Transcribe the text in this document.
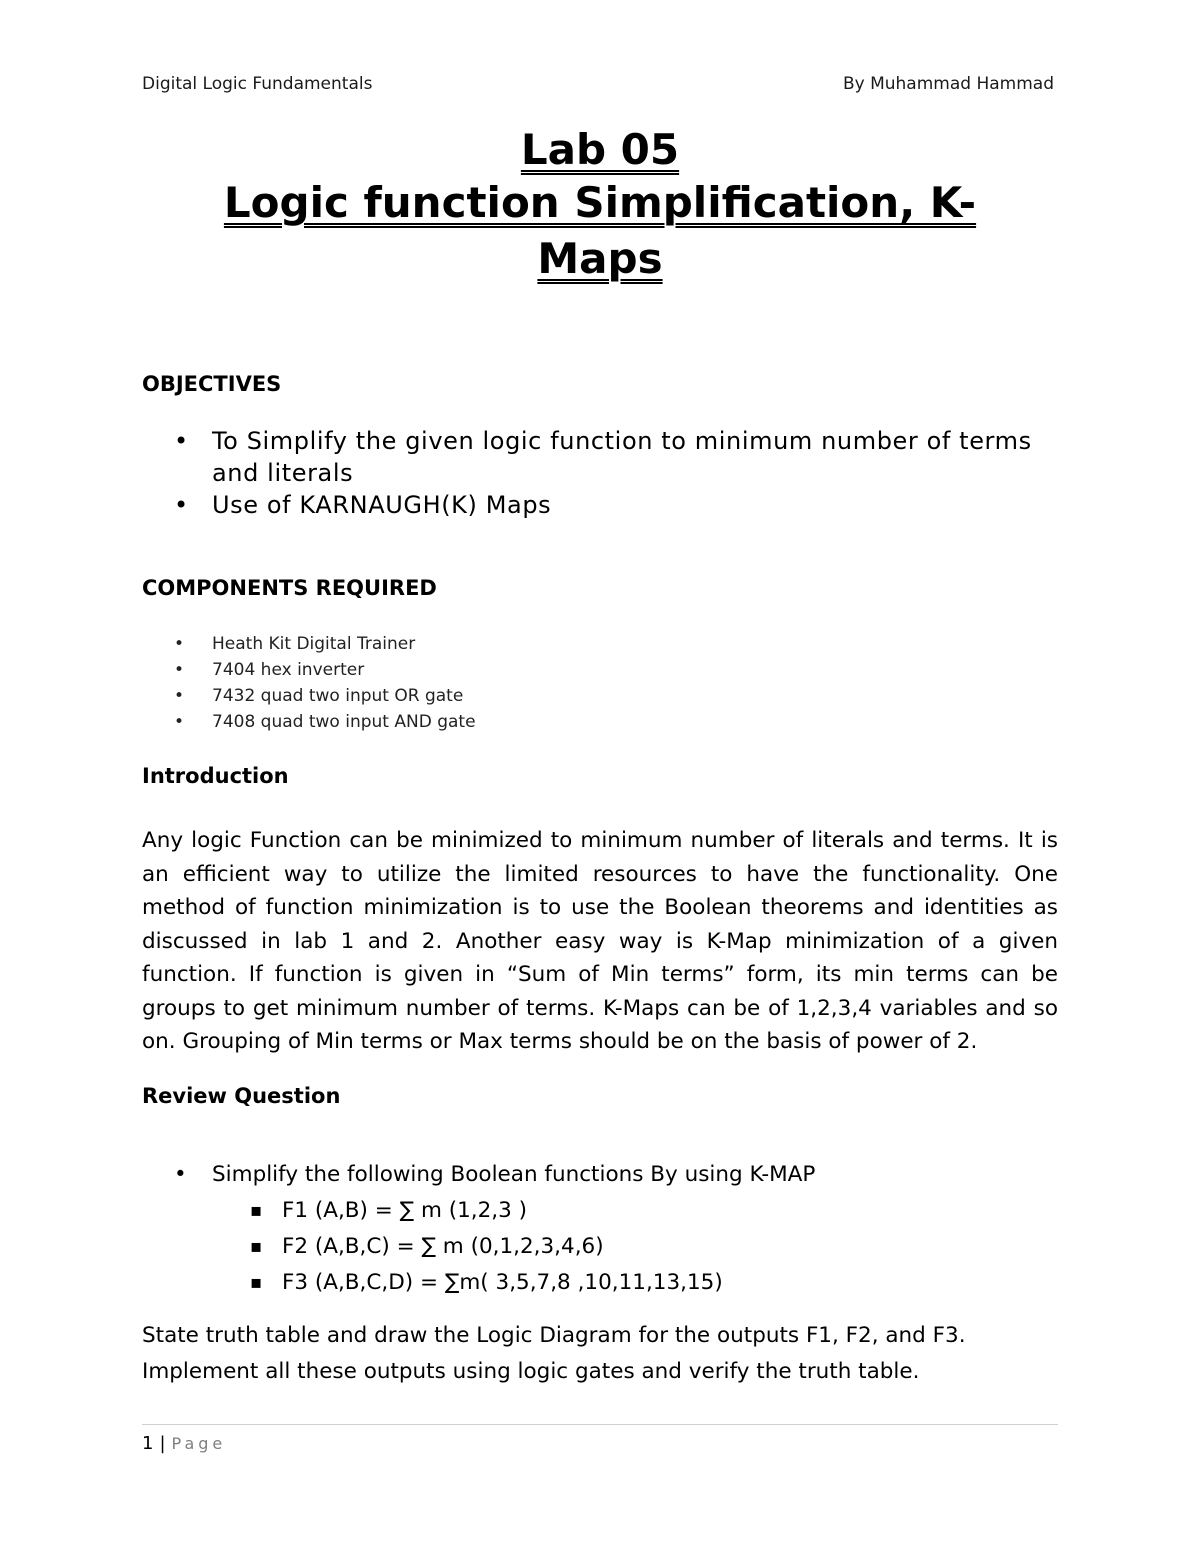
Digital Logic Fundamentals	By Muhammad Hammad
Lab 05
Logic function Simplification, K-
Maps
OBJECTIVES
• To Simplify the given logic function to minimum number of terms and literals
• Use of KARNAUGH(K) Maps
COMPONENTS REQUIRED
• Heath Kit Digital Trainer
• 7404 hex inverter
• 7432 quad two input OR gate
• 7408 quad two input AND gate
Introduction

Any logic Function can be minimized to minimum number of literals and terms. It is an efficient way to utilize the limited resources to have the functionality. One method of function minimization is to use the Boolean theorems and identities as discussed in lab 1 and 2. Another easy way is K-Map minimization of a given function. If function is given in “Sum of Min terms” form, its min terms can be groups to get minimum number of terms. K-Maps can be of 1,2,3,4 variables and so on. Grouping of Min terms or Max terms should be on the basis of power of 2.

Review Question
• Simplify the following Boolean functions By using K-MAP
▪ F1 (A,B) = ∑ m (1,2,3 )
▪ F2 (A,B,C) = ∑ m (0,1,2,3,4,6)
▪ F3 (A,B,C,D) = ∑m( 3,5,7,8 ,10,11,13,15)
State truth table and draw the Logic Diagram for the outputs F1, F2, and F3.
Implement all these outputs using logic gates and verify the truth table.
1 | Page
